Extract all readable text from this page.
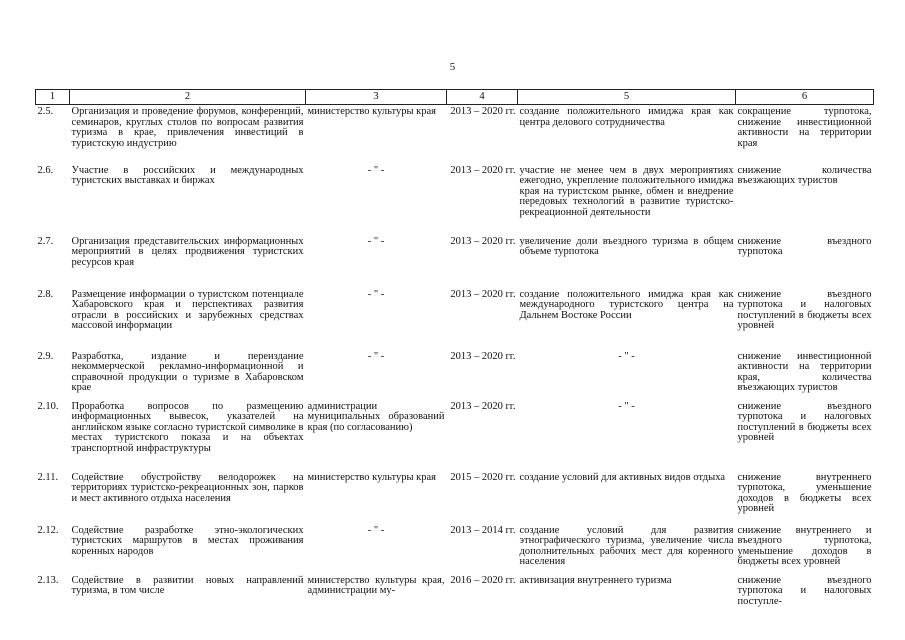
5
1	2	3	4	5	6
2.5.	Организация и проведение форумов, конференций, семинаров, круглых столов по вопросам развития туризма в крае, привлечения инвестиций в туристскую индустрию	министерство культуры края	2013 – 2020 гг.	создание положительного имиджа края как центра делового сотрудничества	сокращение турпотока, снижение инвестиционной активности на территории края
2.6.	Участие в российских и международных туристских выставках и биржах	- " -	2013 – 2020 гг.	участие не менее чем в двух мероприятиях ежегодно, укрепление положительного имиджа края на туристском рынке, обмен и внедрение передовых технологий в развитие туристско-рекреационной деятельности	снижение количества въезжающих туристов
2.7.	Организация представительских информационных мероприятий в целях продвижения туристских ресурсов края	- " -	2013 – 2020 гг.	увеличение доли въездного туризма в общем объеме турпотока	снижение въездного турпотока
2.8.	Размещение информации о туристском потенциале Хабаровского края и перспективах развития отрасли в российских и зарубежных средствах массовой информации	- " -	2013 – 2020 гг.	создание положительного имиджа края как международного туристского центра на Дальнем Востоке России	снижение въездного турпотока и налоговых поступлений в бюджеты всех уровней
2.9.	Разработка, издание и переиздание некоммерческой рекламно-информационной и справочной продукции о туризме в Хабаровском крае	- " -	2013 – 2020 гг.	- " -	снижение инвестиционной активности на территории края, количества въезжающих туристов
2.10.	Проработка вопросов по размещению информационных вывесок, указателей на английском языке согласно туристской символике в местах туристского показа и на объектах транспортной инфраструктуры	администрации муниципальных образований края (по согласованию)	2013 – 2020 гг.	- " -	снижение въездного турпотока и налоговых поступлений в бюджеты всех уровней
2.11.	Содействие обустройству велодорожек на территориях туристско-рекреационных зон, парков и мест активного отдыха населения	министерство культуры края	2015 – 2020 гг.	создание условий для активных видов отдыха	снижение внутреннего турпотока, уменьшение доходов в бюджеты всех уровней
2.12.	Содействие разработке этно-экологических туристских маршрутов в местах проживания коренных народов	- " -	2013 – 2014 гг.	создание условий для развития этнографического туризма, увеличение числа дополнительных рабочих мест для коренного населения	снижение внутреннего и въездного турпотока, уменьшение доходов в бюджеты всех уровней
2.13.	Содействие в развитии новых направлений туризма, в том числе	министерство культуры края, администрации му-	2016 – 2020 гг.	активизация внутреннего туризма	снижение въездного турпотока и налоговых поступле-
